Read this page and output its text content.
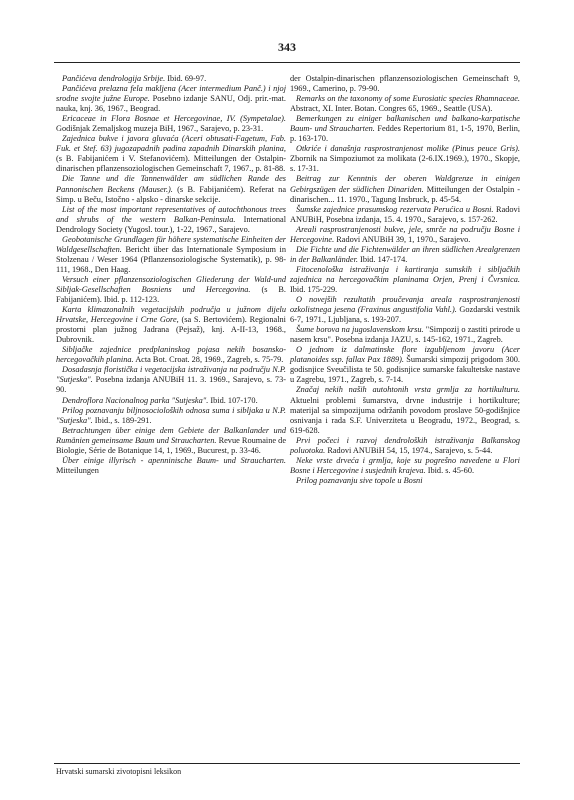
343

Pančićeva dendrologija Srbije. Ibid. 69-97.

Pančićeva prelazna fela makljena (Acer intermedium Panč.) i njoj srodne svojte južne Europe. Posebno izdanje SANU, Odj. prir.-mat. nauka, knj. 36, 1967., Beograd.

Ericaceae in Flora Bosnae et Hercegovinae, IV. (Sympetalae). Godišnjak Zemaljskog muzeja BiH, 1967., Sarajevo, p. 23-31.

Zajednica bukve i javora gluvaća (Aceri obtusati-Fagetum, Fab. Fuk. et Stef. 63) jugozapadnih padina zapadnih Dinarskih planina, (s B. Fabijanićem i V. Stefanovićem). Mitteilungen der Ostalpin-dinarischen pflanzensoziologischen Gemeinschaft 7, 1967., p. 81-88.

Die Tanne und die Tannenwälder am südlichen Rande des Pannonischen Beckens (Mauser.). (s B. Fabijanićem). Referat na Simp. u Beču, Istočno - alpsko - dinarske sekcije.

List of the most important representatives of autochthonous trees and shrubs of the western Balkan-Peninsula. International Dendrology Society (Yugosl. tour.), 1-22, 1967., Sarajevo.

Geobotanische Grundlagen für höhere systematische Einheiten der Waldgesellschaften. Bericht über das Internationale Symposium in Stolzenau / Weser 1964 (Pflanzensoziologische Systematik), p. 98-111, 1968., Den Haag.

Versuch einer pflanzensoziologischen Gliederung der Wald-und Sibljak-Gesellschaften Bosniens und Hercegovina. (s B. Fabijanićem). Ibid. p. 112-123.

Karta klimazonalnih vegetacijskih područja u južnom dijelu Hrvatske, Hercegovine i Crne Gore, (sa S. Bertovićem). Regionalni prostorni plan južnog Jadrana (Pejsaž), knj. A-II-13, 1968., Dubrovnik.

Sibljačke zajednice predplaninskog pojasa nekih bosansko-hercegovačkih planina. Acta Bot. Croat. 28, 1969., Zagreb, s. 75-79.

Dosadasnja floristička i vegetacijska istraživanja na području N.P. "Sutjeska". Posebna izdanja ANUBiH 11. 3. 1969., Sarajevo, s. 73-90.

Dendroflora Nacionalnog parka "Sutjeska". Ibid. 107-170.

Prilog poznavanju biljnosocioloških odnosa suma i sibljaka u N.P. "Sutjeska". Ibid., s. 189-291.

Betrachtungen über einige dem Gebiete der Balkanlander und Rumänien gemeinsame Baum und Straucharten. Revue Roumaine de Biologie, Série de Botanique 14, 1, 1969., Bucurest, p. 33-46.

Über einige illyrisch - apenninische Baum- und Straucharten. Mitteilungen

der Ostalpin-dinarischen pflanzensoziologischen Gemeinschaft 9, 1969., Camerino, p. 79-90.

Remarks on the taxonomy of some Eurosiatic species Rhamnaceae. Abstract, XI. Inter. Botan. Congres 65, 1969., Seattle (USA).

Bemerkungen zu einiger balkanischen und balkano-karpatische Baum- und Straucharten. Feddes Repertorium 81, 1-5, 1970, Berlin, p. 163-170.

Otkriće i današnja rasprostranjenost molike (Pinus peuce Gris). Zbornik na Simpoziumot za molikata (2-6.IX.1969.), 1970., Skopje, s. 17-31.

Beitrag zur Kenntnis der oberen Waldgrenze in einigen Gebirgszügen der südlichen Dinariden. Mitteilungen der Ostalpin - dinarischen... 11. 1970., Tagung Insbruck, p. 45-54.

Šumske zajednice prasumskog rezervata Perućica u Bosni. Radovi ANUBiH, Posebna izdanja, 15. 4. 1970., Sarajevo, s. 157-262.

Areali rasprostranjenosti bukve, jele, smrče na području Bosne i Hercegovine. Radovi ANUBiH 39, 1, 1970., Sarajevo.

Die Fichte und die Fichtenwälder an ihren südlichen Arealgrenzen in der Balkanländer. Ibid. 147-174.

Fitocenološka istraživanja i kartiranja sumskih i sibljačkih zajednica na hercegovačkim planinama Orjen, Prenj i Čvrsnica. Ibid. 175-229.

O novejših rezultatih proučevanja areala rasprostranjenosti ozkolistnega jesena (Fraxinus angustifolia Vahl.). Gozdarski vestnik 6-7, 1971., Ljubljana, s. 193-207.

Šume borova na jugoslavenskom krsu. "Simpozij o zastiti prirode u nasem krsu". Posebna izdanja JAZU, s. 145-162, 1971., Zagreb.

O jednom iz dalmatinske flore izgubljenom javoru (Acer platanoides ssp. fallax Pax 1889). Šumarski simpozij prigodom 300. godisnjice Sveučilista te 50. godisnjice sumarske fakultetske nastave u Zagrebu, 1971., Zagreb, s. 7-14.

Značaj nekih naših autohtonih vrsta grmlja za hortikulturu. Aktuelni problemi šumarstva, drvne industrije i hortikulture; materijal sa simpozijuma održanih povodom proslave 50-godišnjice osnivanja i rada S.F. Univerziteta u Beogradu, 1972., Beograd, s. 619-628.

Prvi počeci i razvoj dendroloških istraživanja Balkanskog poluotoka. Radovi ANUBiH 54, 15, 1974., Sarajevo, s. 5-44.

Neke vrste drveća i grmlja, koje su pogrešno navedene u Flori Bosne i Hercegovine i susjednih krajeva. Ibid. s. 45-60.

Prilog poznavanju sive topole u Bosni

Hrvatski sumarski zivotopisni leksikon
